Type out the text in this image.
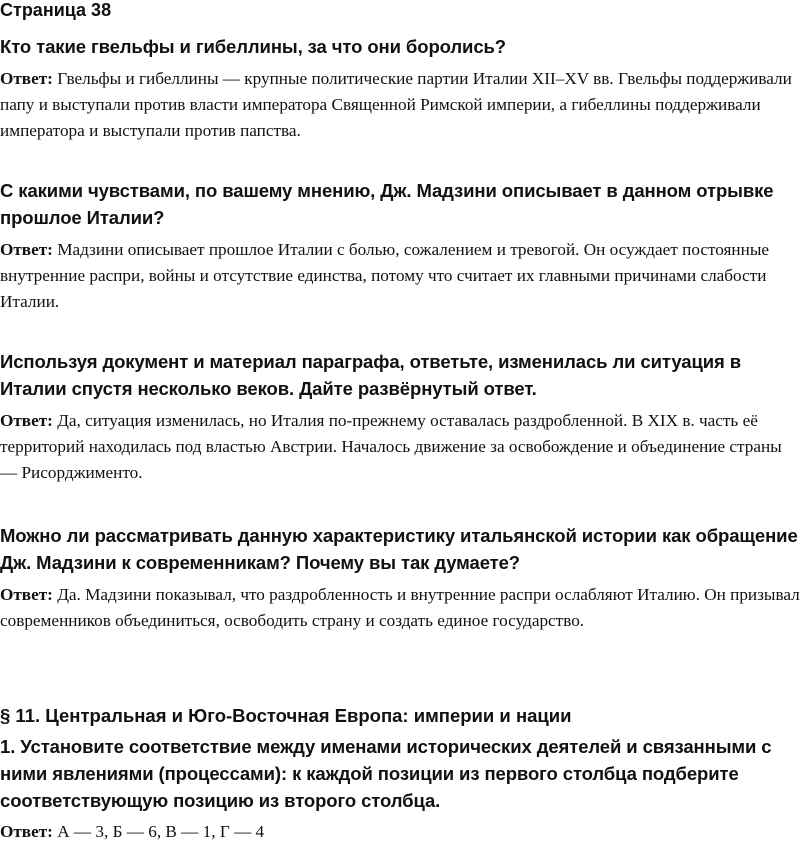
Страница 38

Кто такие гвельфы и гибеллины, за что они боролись?

Ответ: Гвельфы и гибеллины — крупные политические партии Италии XII–XV вв. Гвельфы поддерживали папу и выступали против власти императора Священной Римской империи, а гибеллины поддерживали императора и выступали против папства.

С какими чувствами, по вашему мнению, Дж. Мадзини описывает в данном отрывке прошлое Италии?

Ответ: Мадзини описывает прошлое Италии с болью, сожалением и тревогой. Он осуждает постоянные внутренние распри, войны и отсутствие единства, потому что считает их главными причинами слабости Италии.

Используя документ и материал параграфа, ответьте, изменилась ли ситуация в Италии спустя несколько веков. Дайте развёрнутый ответ.

Ответ: Да, ситуация изменилась, но Италия по-прежнему оставалась раздробленной. В XIX в. часть её территорий находилась под властью Австрии. Началось движение за освобождение и объединение страны — Рисорджименто.

Можно ли рассматривать данную характеристику итальянской истории как обращение Дж. Мадзини к современникам? Почему вы так думаете?

Ответ: Да. Мадзини показывал, что раздробленность и внутренние распри ослабляют Италию. Он призывал современников объединиться, освободить страну и создать единое государство.

§ 11. Центральная и Юго-Восточная Европа: империи и нации

1. Установите соответствие между именами исторических деятелей и связанными с ними явлениями (процессами): к каждой позиции из первого столбца подберите соответствующую позицию из второго столбца.

Ответ: А — 3, Б — 6, В — 1, Г — 4
